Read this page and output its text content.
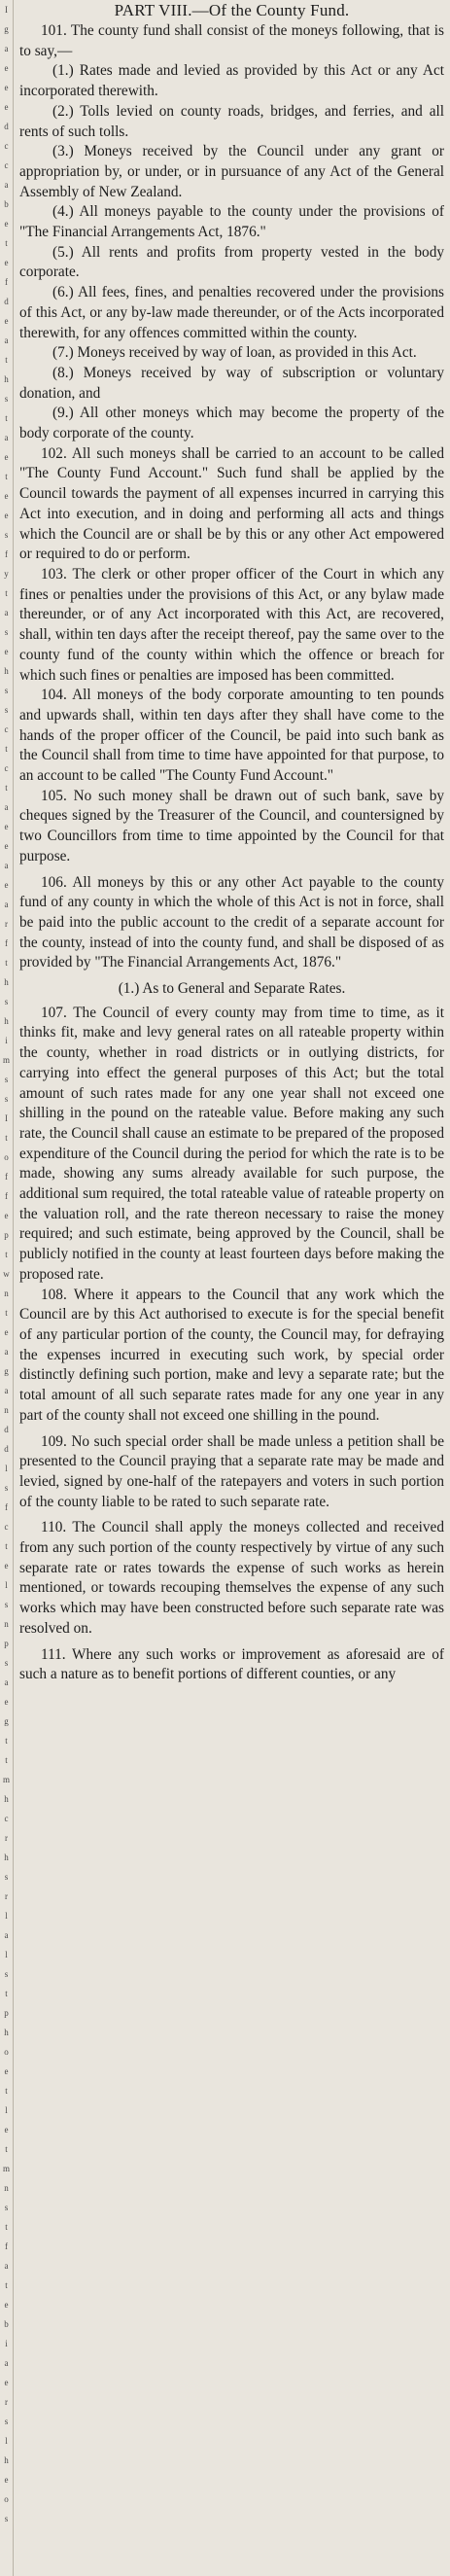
I
g
a
e
e
e
d
c
c
a
b
e
t
e
f
d
e
a
t
h
s
t
a
e
t
e
e
s
f
y
t
a
s
e
h
s
s
c
t
c
t
a
e
e
a
e
a
r
f
t
h
s
h
i
m
s
s
I
t
o
f
f
e
p
t
w
n
t
e
a
g
a
n
d
d
l
s
f
c
t
e
l
s
n
p
s
a
e
g
t
t
m
h
c
r
h
s
r
l
a
l
s
t
p
h
o
e
t
l
e
t
m
n
s
t
f
a
t
e
b
i
a
e
r
s
l
h
e
o
s
PART VIII.—Of the County Fund.

101. The county fund shall consist of the moneys following, that is to say,—

(1.) Rates made and levied as provided by this Act or any Act incorporated therewith.

(2.) Tolls levied on county roads, bridges, and ferries, and all rents of such tolls.

(3.) Moneys received by the Council under any grant or appropriation by, or under, or in pursuance of any Act of the General Assembly of New Zealand.

(4.) All moneys payable to the county under the provisions of "The Financial Arrangements Act, 1876."

(5.) All rents and profits from property vested in the body corporate.

(6.) All fees, fines, and penalties recovered under the provisions of this Act, or any by-law made thereunder, or of the Acts incorporated therewith, for any offences committed within the county.

(7.) Moneys received by way of loan, as provided in this Act.

(8.) Moneys received by way of subscription or voluntary donation, and

(9.) All other moneys which may become the property of the body corporate of the county.

102. All such moneys shall be carried to an account to be called "The County Fund Account." Such fund shall be applied by the Council towards the payment of all expenses incurred in carrying this Act into execution, and in doing and performing all acts and things which the Council are or shall be by this or any other Act empowered or required to do or perform.

103. The clerk or other proper officer of the Court in which any fines or penalties under the provisions of this Act, or any bylaw made thereunder, or of any Act incorporated with this Act, are recovered, shall, within ten days after the receipt thereof, pay the same over to the county fund of the county within which the offence or breach for which such fines or penalties are imposed has been committed.

104. All moneys of the body corporate amounting to ten pounds and upwards shall, within ten days after they shall have come to the hands of the proper officer of the Council, be paid into such bank as the Council shall from time to time have appointed for that purpose, to an account to be called "The County Fund Account."

105. No such money shall be drawn out of such bank, save by cheques signed by the Treasurer of the Council, and countersigned by two Councillors from time to time appointed by the Council for that purpose.

106. All moneys by this or any other Act payable to the county fund of any county in which the whole of this Act is not in force, shall be paid into the public account to the credit of a separate account for the county, instead of into the county fund, and shall be disposed of as provided by "The Financial Arrangements Act, 1876."

(1.) As to General and Separate Rates.

107. The Council of every county may from time to time, as it thinks fit, make and levy general rates on all rateable property within the county, whether in road districts or in outlying districts, for carrying into effect the general purposes of this Act; but the total amount of such rates made for any one year shall not exceed one shilling in the pound on the rateable value. Before making any such rate, the Council shall cause an estimate to be prepared of the proposed expenditure of the Council during the period for which the rate is to be made, showing any sums already available for such purpose, the additional sum required, the total rateable value of rateable property on the valuation roll, and the rate thereon necessary to raise the money required; and such estimate, being approved by the Council, shall be publicly notified in the county at least fourteen days before making the proposed rate.

108. Where it appears to the Council that any work which the Council are by this Act authorised to execute is for the special benefit of any particular portion of the county, the Council may, for defraying the expenses incurred in executing such work, by special order distinctly defining such portion, make and levy a separate rate; but the total amount of all such separate rates made for any one year in any part of the county shall not exceed one shilling in the pound.

109. No such special order shall be made unless a petition shall be presented to the Council praying that a separate rate may be made and levied, signed by one-half of the ratepayers and voters in such portion of the county liable to be rated to such separate rate.

110. The Council shall apply the moneys collected and received from any such portion of the county respectively by virtue of any such separate rate or rates towards the expense of such works as herein mentioned, or towards recouping themselves the expense of any such works which may have been constructed before such separate rate was resolved on.

111. Where any such works or improvement as aforesaid are of such a nature as to benefit portions of different counties, or any
